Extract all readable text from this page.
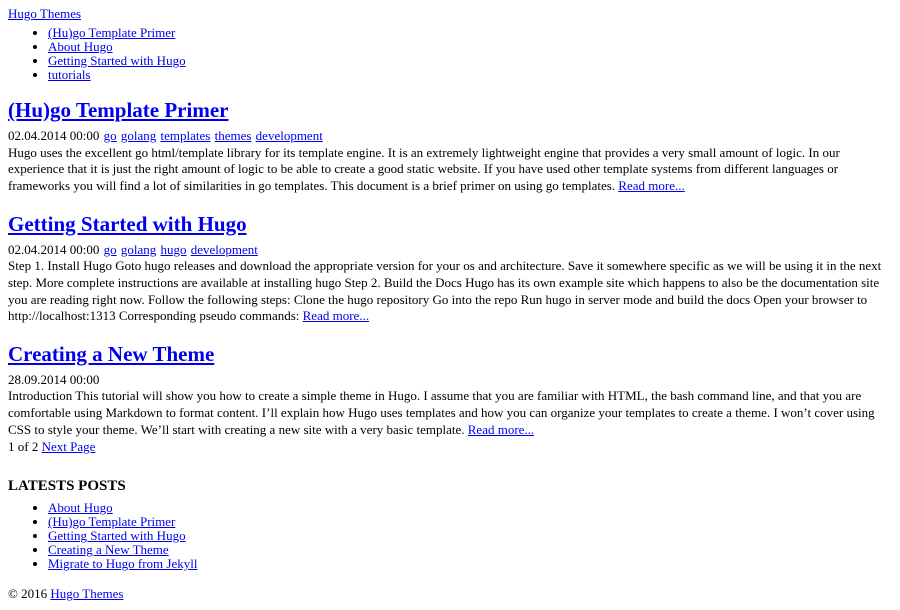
Hugo Themes
• (Hu)go Template Primer
• About Hugo
• Getting Started with Hugo
• tutorials
(Hu)go Template Primer
02.04.2014 00:00 go golang templates themes development
Hugo uses the excellent go html/template library for its template engine. It is an extremely lightweight engine that provides a very small amount of logic. In our experience that it is just the right amount of logic to be able to create a good static website. If you have used other template systems from different languages or frameworks you will find a lot of similarities in go templates. This document is a brief primer on using go templates. Read more...
Getting Started with Hugo
02.04.2014 00:00 go golang hugo development
Step 1. Install Hugo Goto hugo releases and download the appropriate version for your os and architecture. Save it somewhere specific as we will be using it in the next step. More complete instructions are available at installing hugo Step 2. Build the Docs Hugo has its own example site which happens to also be the documentation site you are reading right now. Follow the following steps: Clone the hugo repository Go into the repo Run hugo in server mode and build the docs Open your browser to http://localhost:1313 Corresponding pseudo commands: Read more...
Creating a New Theme
28.09.2014 00:00
Introduction This tutorial will show you how to create a simple theme in Hugo. I assume that you are familiar with HTML, the bash command line, and that you are comfortable using Markdown to format content. I’ll explain how Hugo uses templates and how you can organize your templates to create a theme. I won’t cover using CSS to style your theme. We’ll start with creating a new site with a very basic template. Read more...
1 of 2 Next Page
LATESTS POSTS
• About Hugo
• (Hu)go Template Primer
• Getting Started with Hugo
• Creating a New Theme
• Migrate to Hugo from Jekyll
© 2016 Hugo Themes
